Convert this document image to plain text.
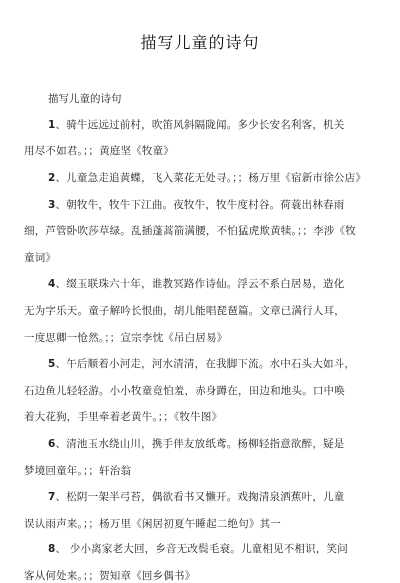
描写儿童的诗句
描写儿童的诗句
1、骑牛远远过前村，吹笛风斜隔陇闻。多少长安名利客，机关
用尽不如君。；；黄庭坚《牧童》
2、儿童急走追黄蝶，飞入菜花无处寻。；；杨万里《宿新市徐公店》
3、朝牧牛，牧牛下江曲。夜牧牛，牧牛度村谷。荷蓑出林春雨
细，芦管卧吹莎草绿。乱插蓬蒿箭满腰，不怕猛虎欺黄犊。；；李涉《牧
童词》
4、缀玉联珠六十年，谁教冥路作诗仙。浮云不系白居易，造化
无为字乐天。童子解吟长恨曲，胡儿能唱琵琶篇。文章已满行人耳，
一度思卿一怆然。；；宣宗李忱《吊白居易》
5、午后顺着小河走，河水清清，在我脚下流。水中石头大如斗，
石边鱼儿轻轻游。小小牧童竟怕羞，赤身蹲在，田边和地头。口中唤
着大花狗，手里牵着老黄牛。；；《牧牛图》
6、清池玉水绕山川，携手伴友放纸鸢。杨柳轻指意欲醉，疑是
梦境回童年。；；轩治翁
7、松阴一架半弓苔，偶欲看书又懒开。戏掬清泉洒蕉叶，儿童
误认雨声来。；；杨万里《闲居初夏午睡起二绝句》其一
8、 少小离家老大回，乡音无改鬓毛衰。儿童相见不相识，笑问
客从何处来。；；贺知章《回乡偶书》
